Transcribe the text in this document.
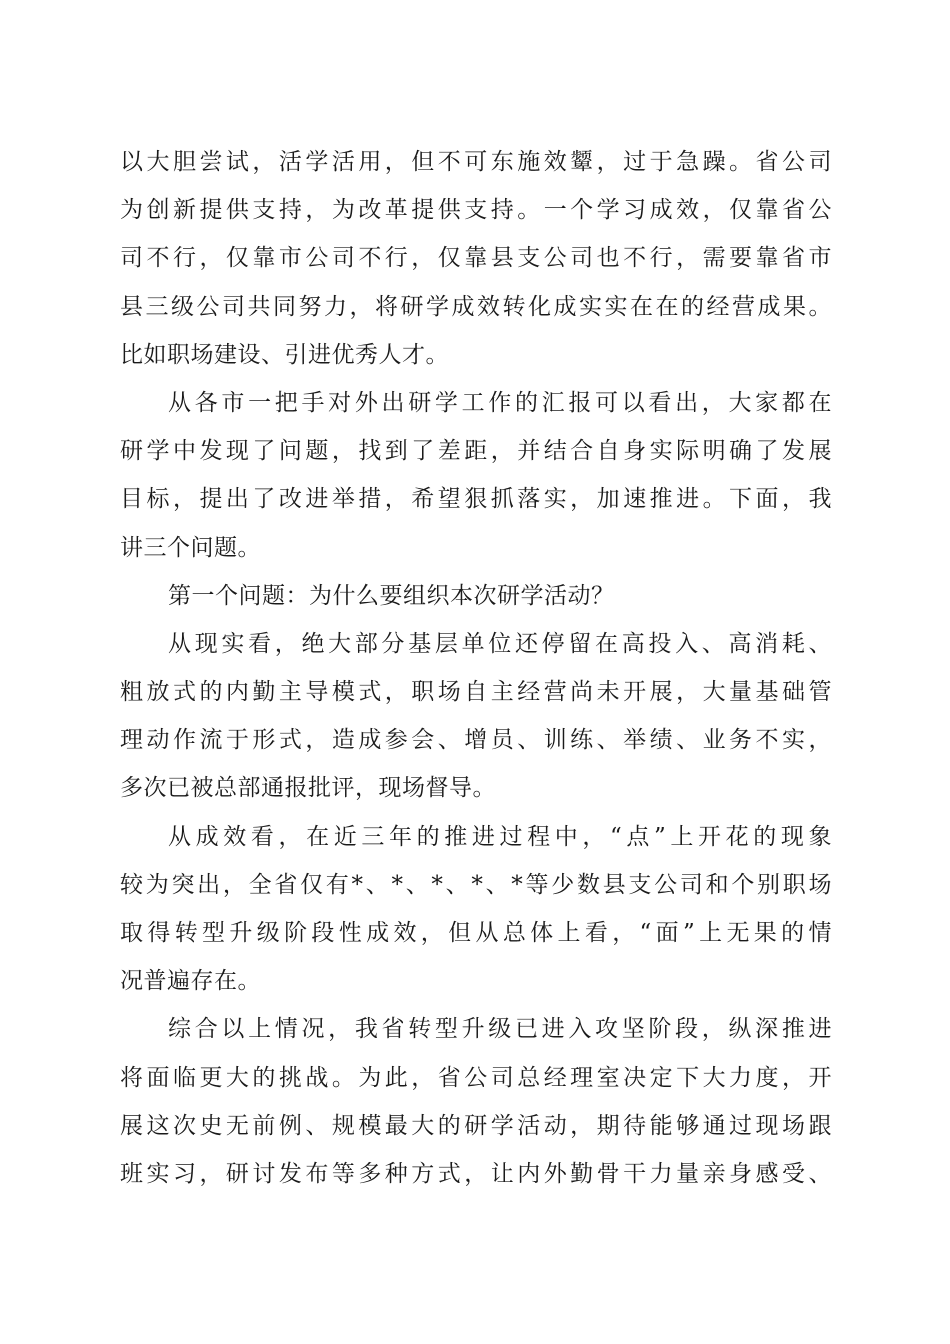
以大胆尝试，活学活用，但不可东施效颦，过于急躁。省公司
为创新提供支持，为改革提供支持。一个学习成效，仅靠省公
司不行，仅靠市公司不行，仅靠县支公司也不行，需要靠省市
县三级公司共同努力，将研学成效转化成实实在在的经营成果。
比如职场建设、引进优秀人才。
从各市一把手对外出研学工作的汇报可以看出，大家都在
研学中发现了问题，找到了差距，并结合自身实际明确了发展
目标，提出了改进举措，希望狠抓落实，加速推进。下面，我
讲三个问题。
第一个问题：为什么要组织本次研学活动？
从现实看，绝大部分基层单位还停留在高投入、高消耗、
粗放式的内勤主导模式，职场自主经营尚未开展，大量基础管
理动作流于形式，造成参会、增员、训练、举绩、业务不实，
多次已被总部通报批评，现场督导。
从成效看，在近三年的推进过程中，“点”上开花的现象
较为突出，全省仅有*、*、*、*、*等少数县支公司和个别职场
取得转型升级阶段性成效，但从总体上看，“面”上无果的情
况普遍存在。
综合以上情况，我省转型升级已进入攻坚阶段，纵深推进
将面临更大的挑战。为此，省公司总经理室决定下大力度，开
展这次史无前例、规模最大的研学活动，期待能够通过现场跟
班实习，研讨发布等多种方式，让内外勤骨干力量亲身感受、
